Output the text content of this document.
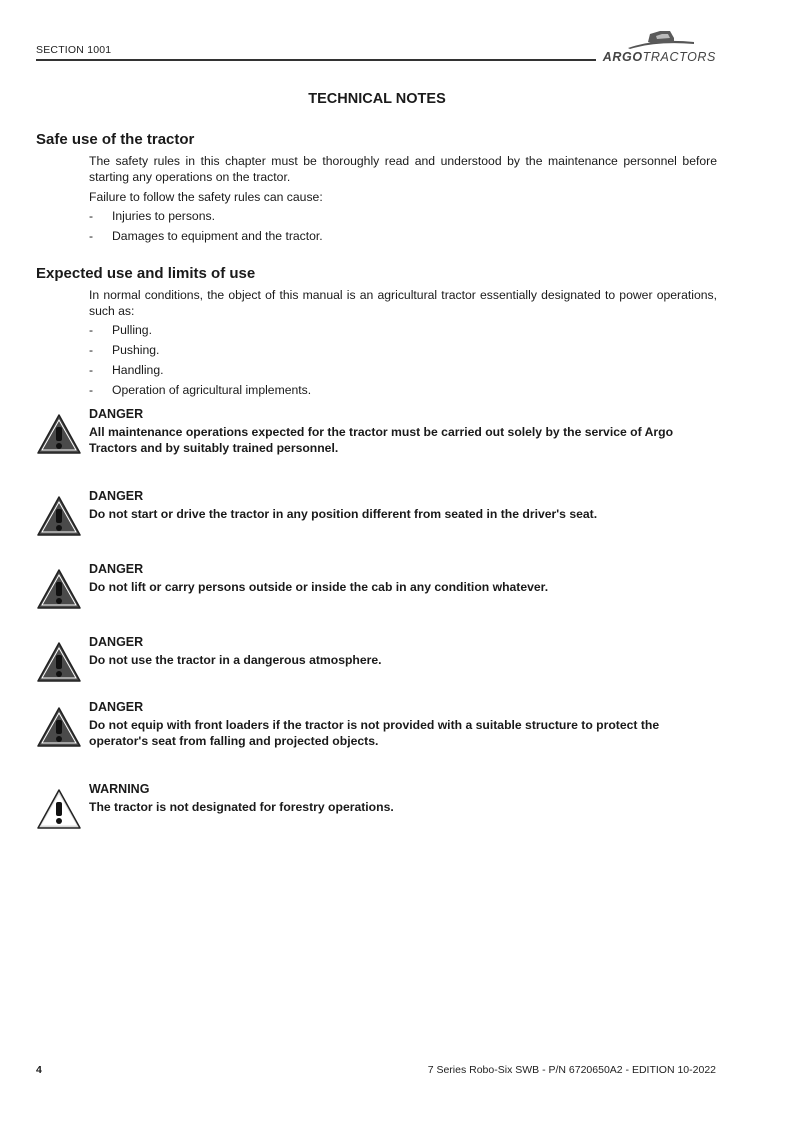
SECTION 1001	ARGOTRACTORS
TECHNICAL NOTES
Safe use of the tractor

The safety rules in this chapter must be thoroughly read and understood by the maintenance personnel before starting any operations on the tractor.

Failure to follow the safety rules can cause:

- Injuries to persons.
- Damages to equipment and the tractor.
Expected use and limits of use

In normal conditions, the object of this manual is an agricultural tractor essentially designated to power operations, such as:

- Pulling.
- Pushing.
- Handling.
- Operation of agricultural implements.
DANGER
All maintenance operations expected for the tractor must be carried out solely by the service of Argo Tractors and by suitably trained personnel.
DANGER
Do not start or drive the tractor in any position different from seated in the driver's seat.
DANGER
Do not lift or carry persons outside or inside the cab in any condition whatever.
DANGER
Do not use the tractor in a dangerous atmosphere.
DANGER
Do not equip with front loaders if the tractor is not provided with a suitable structure to protect the operator's seat from falling and projected objects.
WARNING
The tractor is not designated for forestry operations.
4	7 Series Robo-Six SWB - P/N 6720650A2 - EDITION 10-2022
